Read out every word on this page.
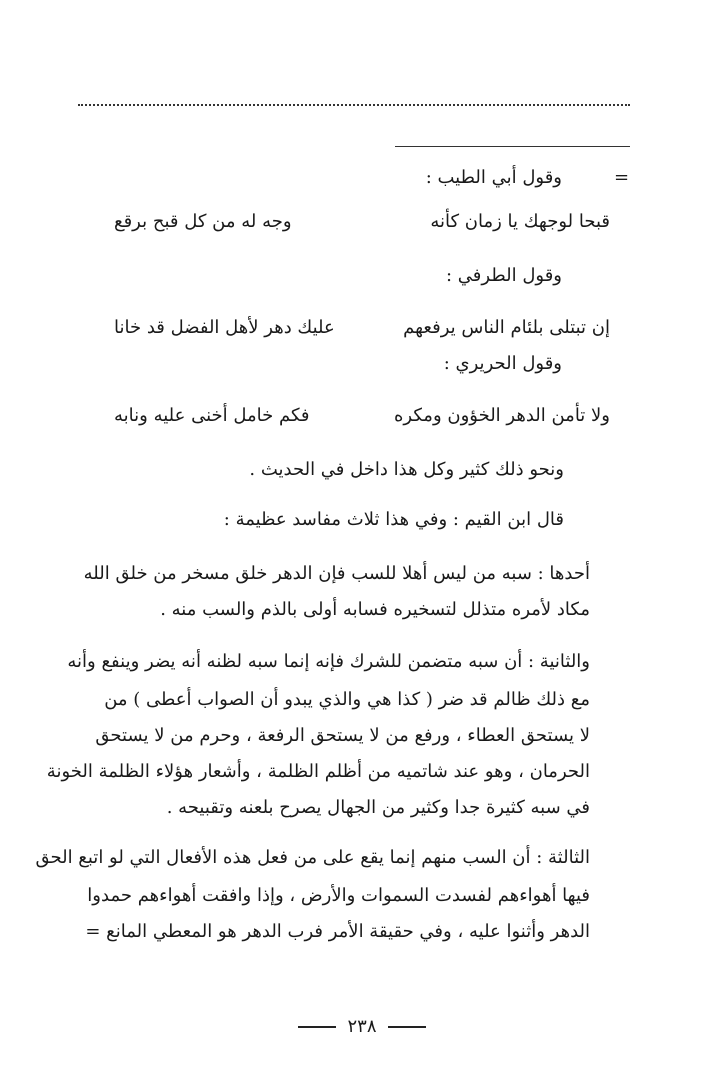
=
وقول أبي الطيب :
قبحا لوجهك يا زمان كأنه
وجه له من كل قبح برقع
وقول الطرفي :
إن تبتلى بلئام الناس يرفعهم
عليك دهر لأهل الفضل قد خانا
وقول الحريري :
ولا تأمن الدهر الخؤون ومكره
فكم خامل أخنى عليه ونابه
ونحو ذلك كثير وكل هذا داخل في الحديث .
قال ابن القيم : وفي هذا ثلاث مفاسد عظيمة :
أحدها : سبه من ليس أهلا للسب فإن الدهر خلق مسخر من خلق الله
مكاد لأمره متذلل لتسخيره فسابه أولى بالذم والسب منه .
والثانية : أن سبه متضمن للشرك فإنه إنما سبه لظنه أنه يضر وينفع وأنه
مع ذلك ظالم قد ضر ( كذا هي والذي يبدو أن الصواب أعطى ) من
لا يستحق العطاء ، ورفع من لا يستحق الرفعة ، وحرم من لا يستحق
الحرمان ، وهو عند شاتميه من أظلم الظلمة ، وأشعار هؤلاء الظلمة الخونة
في سبه كثيرة جدا وكثير من الجهال يصرح بلعنه وتقبيحه .
الثالثة : أن السب منهم إنما يقع على من فعل هذه الأفعال التي لو اتبع الحق
فيها أهواءهم لفسدت السموات والأرض ، وإذا وافقت أهواءهم حمدوا
الدهر وأثنوا عليه ، وفي حقيقة الأمر فرب الدهر هو المعطي المانع =
٢٣٨
